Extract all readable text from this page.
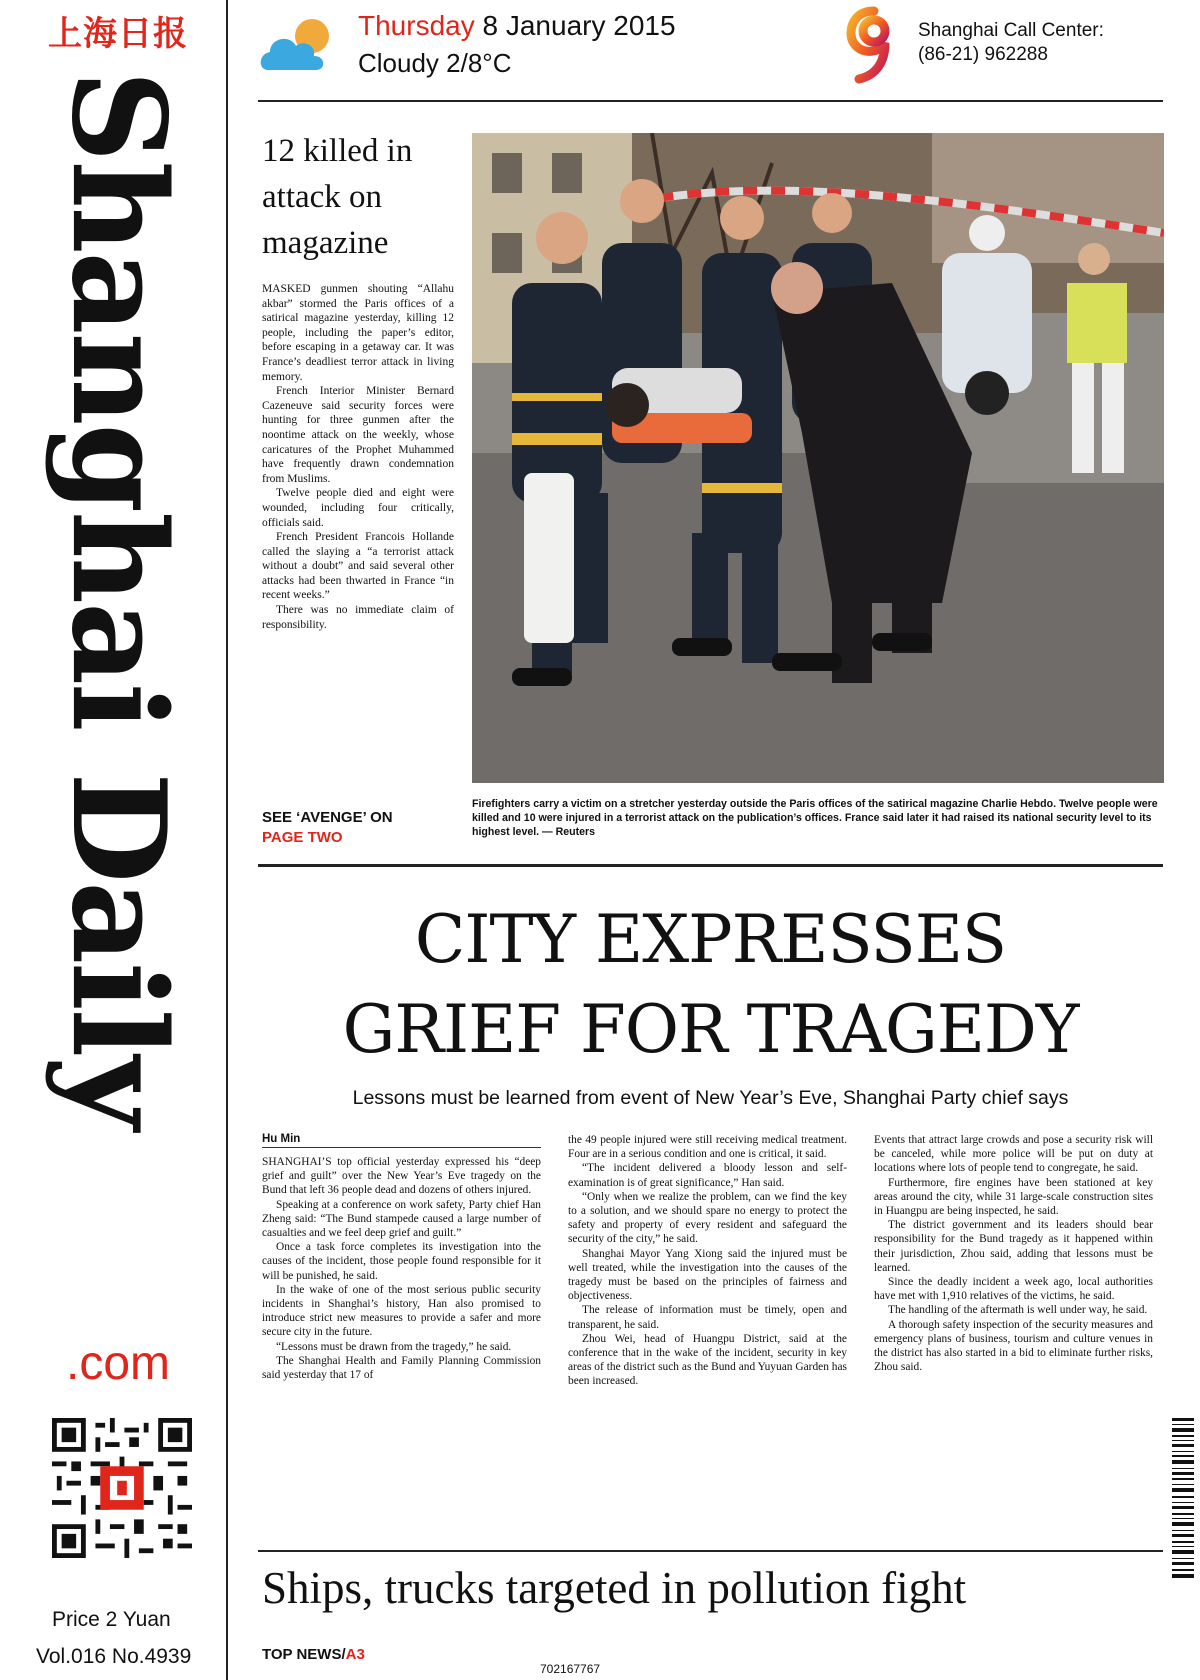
上海日报
Shanghai Daily
.com
Price 2 Yuan
Vol.016 No.4939
Thursday 8 January 2015
Cloudy 2/8°C
Shanghai Call Center:
(86-21) 962288
12 killed in attack on magazine

MASKED gunmen shouting “Allahu akbar” stormed the Paris offices of a satirical magazine yesterday, killing 12 people, including the paper’s editor, before escaping in a getaway car. It was France’s deadliest terror attack in living memory.

French Interior Minister Bernard Cazeneuve said security forces were hunting for three gunmen after the noontime attack on the weekly, whose caricatures of the Prophet Muhammed have frequently drawn condemnation from Muslims.

Twelve people died and eight were wounded, including four critically, officials said.

French President Francois Hollande called the slaying a “a terrorist attack without a doubt” and said several other attacks had been thwarted in France “in recent weeks.”

There was no immediate claim of responsibility.

SEE ‘AVENGE’ ON
PAGE TWO
Firefighters carry a victim on a stretcher yesterday outside the Paris offices of the satirical magazine Charlie Hebdo. Twelve people were killed and 10 were injured in a terrorist attack on the publication’s offices. France said later it had raised its national security level to its highest level. — Reuters
CITY EXPRESSES
GRIEF FOR TRAGEDY
Lessons must be learned from event of New Year’s Eve, Shanghai Party chief says
Hu Min

SHANGHAI’S top official yesterday expressed his “deep grief and guilt” over the New Year’s Eve tragedy on the Bund that left 36 people dead and dozens of others injured.

Speaking at a conference on work safety, Party chief Han Zheng said: “The Bund stampede caused a large number of casualties and we feel deep grief and guilt.”

Once a task force completes its investigation into the causes of the incident, those people found responsible for it will be punished, he said.

In the wake of one of the most serious public security incidents in Shanghai’s history, Han also promised to introduce strict new measures to provide a safer and more secure city in the future.

“Lessons must be drawn from the tragedy,” he said.

The Shanghai Health and Family Planning Commission said yesterday that 17 of

the 49 people injured were still receiving medical treatment. Four are in a serious condition and one is critical, it said.

“The incident delivered a bloody lesson and self-examination is of great significance,” Han said.

“Only when we realize the problem, can we find the key to a solution, and we should spare no energy to protect the safety and property of every resident and safeguard the security of the city,” he said.

Shanghai Mayor Yang Xiong said the injured must be well treated, while the investigation into the causes of the tragedy must be based on the principles of fairness and objectiveness.

The release of information must be timely, open and transparent, he said.

Zhou Wei, head of Huangpu District, said at the conference that in the wake of the incident, security in key areas of the district such as the Bund and Yuyuan Garden has been increased.

Events that attract large crowds and pose a security risk will be canceled, while more police will be put on duty at locations where lots of people tend to congregate, he said.

Furthermore, fire engines have been stationed at key areas around the city, while 31 large-scale construction sites in Huangpu are being inspected, he said.

The district government and its leaders should bear responsibility for the Bund tragedy as it happened within their jurisdiction, Zhou said, adding that lessons must be learned.

Since the deadly incident a week ago, local authorities have met with 1,910 relatives of the victims, he said.

The handling of the aftermath is well under way, he said.

A thorough safety inspection of the security measures and emergency plans of business, tourism and culture venues in the district has also started in a bid to eliminate further risks, Zhou said.

Ships, trucks targeted in pollution fight
TOP NEWS/A3
702167767
